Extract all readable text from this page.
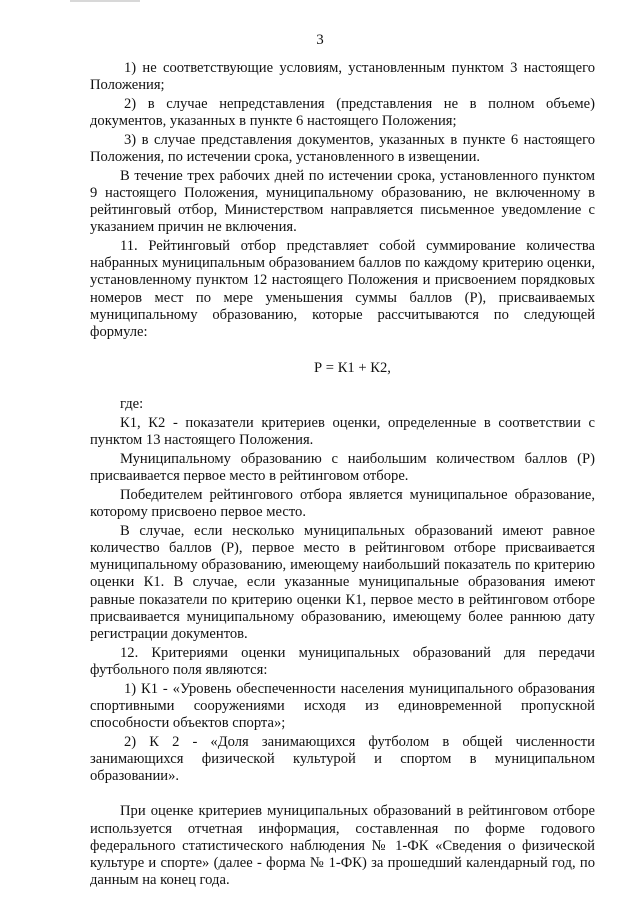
3

1) не соответствующие условиям, установленным пунктом 3 настоящего Положения;

2) в случае непредставления (представления не в полном объеме) документов, указанных в пункте 6 настоящего Положения;

3) в случае представления документов, указанных в пункте 6 настоящего Положения, по истечении срока, установленного в извещении.

В течение трех рабочих дней по истечении срока, установленного пунктом 9 настоящего Положения, муниципальному образованию, не включенному в рейтинговый отбор, Министерством направляется письменное уведомление с указанием причин не включения.

11. Рейтинговый отбор представляет собой суммирование количества набранных муниципальным образованием баллов по каждому критерию оценки, установленному пунктом 12 настоящего Положения и присвоением порядковых номеров мест по мере уменьшения суммы баллов (Р), присваиваемых муниципальному образованию, которые рассчитываются по следующей формуле:

Р = К1 + К2,

где:

К1, К2 - показатели критериев оценки, определенные в соответствии с пунктом 13 настоящего Положения.

Муниципальному образованию с наибольшим количеством баллов (Р) присваивается первое место в рейтинговом отборе.

Победителем рейтингового отбора является муниципальное образование, которому присвоено первое место.

В случае, если несколько муниципальных образований имеют равное количество баллов (Р), первое место в рейтинговом отборе присваивается муниципальному образованию, имеющему наибольший показатель по критерию оценки К1. В случае, если указанные муниципальные образования имеют равные показатели по критерию оценки К1, первое место в рейтинговом отборе присваивается муниципальному образованию, имеющему более раннюю дату регистрации документов.

12. Критериями оценки муниципальных образований для передачи футбольного поля являются:

1) К1 - «Уровень обеспеченности населения муниципального образования спортивными сооружениями исходя из единовременной пропускной способности объектов спорта»;

2) К 2 - «Доля занимающихся футболом в общей численности занимающихся физической культурой и спортом в муниципальном образовании».

При оценке критериев муниципальных образований в рейтинговом отборе используется отчетная информация, составленная по форме годового федерального статистического наблюдения № 1-ФК «Сведения о физической культуре и спорте» (далее - форма № 1-ФК) за прошедший календарный год, по данным на конец года.
